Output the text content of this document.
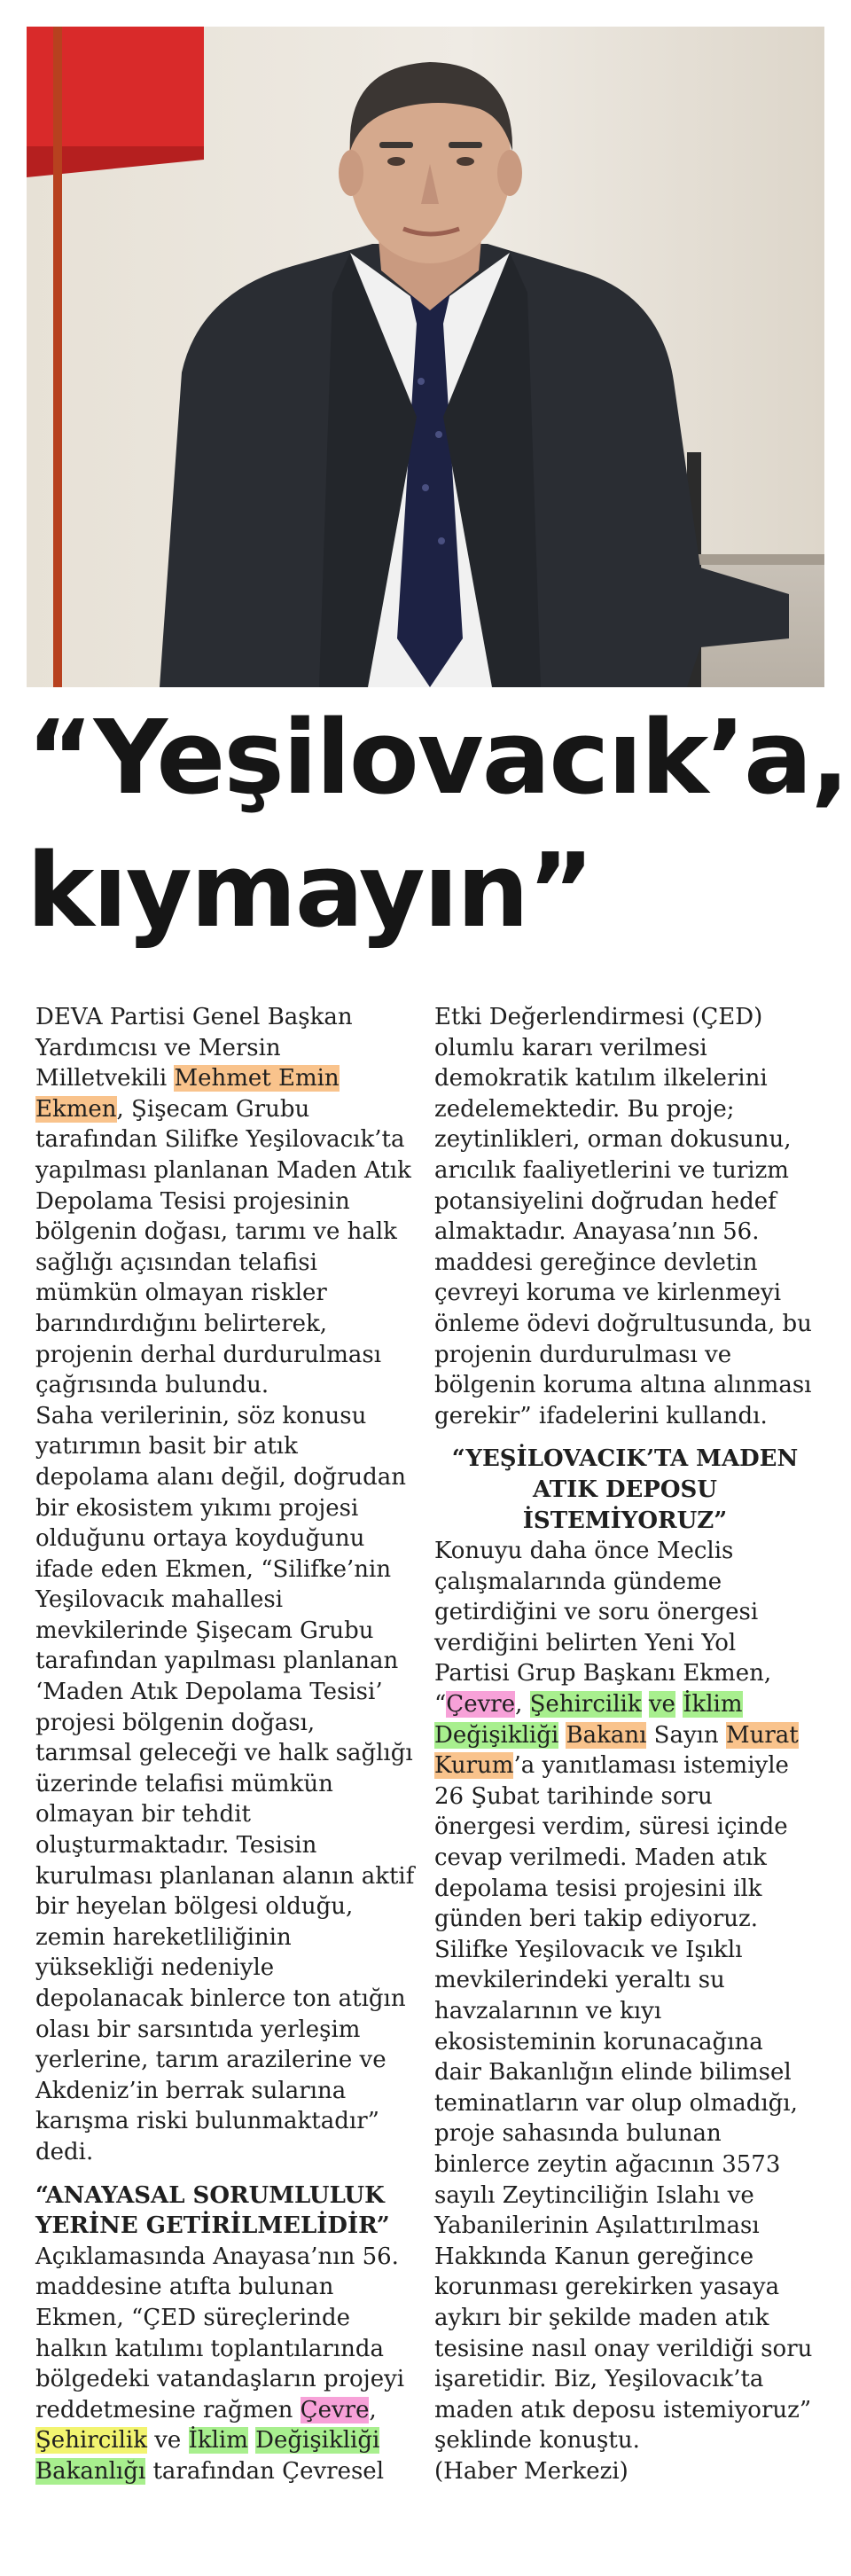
“Yeşilovacık’a,
kıymayın”

DEVA Partisi Genel Başkan Yardımcısı ve Mersin Milletvekili Mehmet Emin Ekmen, Şişecam Grubu tarafından Silifke Yeşilovacık’ta yapılması planlanan Maden Atık Depolama Tesisi projesinin bölgenin doğası, tarımı ve halk sağlığı açısından telafisi mümkün olmayan riskler barındırdığını belirterek, projenin derhal durdurulması çağrısında bulundu.

Saha verilerinin, söz konusu yatırımın basit bir atık depolama alanı değil, doğrudan bir ekosistem yıkımı projesi olduğunu ortaya koyduğunu ifade eden Ekmen, “Silifke’nin Yeşilovacık mahallesi mevkilerinde Şişecam Grubu tarafından yapılması planlanan ‘Maden Atık Depolama Tesisi’ projesi bölgenin doğası, tarımsal geleceği ve halk sağlığı üzerinde telafisi mümkün olmayan bir tehdit oluşturmaktadır. Tesisin kurulması planlanan alanın aktif bir heyelan bölgesi olduğu, zemin hareketliliğinin yüksekliği nedeniyle depolanacak binlerce ton atığın olası bir sarsıntıda yerleşim yerlerine, tarım arazilerine ve Akdeniz’in berrak sularına karışma riski bulunmaktadır” dedi.

“ANAYASAL SORUMLULUK YERİNE GETİRİLMELİDİR”

Açıklamasında Anayasa’nın 56. maddesine atıfta bulunan Ekmen, “ÇED süreçlerinde halkın katılımı toplantılarında bölgedeki vatandaşların projeyi reddetmesine rağmen Çevre, Şehircilik ve İklim Değişikliği Bakanlığı tarafından Çevresel

Etki Değerlendirmesi (ÇED) olumlu kararı verilmesi demokratik katılım ilkelerini zedelemektedir. Bu proje; zeytinlikleri, orman dokusunu, arıcılık faaliyetlerini ve turizm potansiyelini doğrudan hedef almaktadır. Anayasa’nın 56. maddesi gereğince devletin çevreyi koruma ve kirlenmeyi önleme ödevi doğrultusunda, bu projenin durdurulması ve bölgenin koruma altına alınması gerekir” ifadelerini kullandı.

“YEŞİLOVACIK’TA MADEN ATIK DEPOSU İSTEMİYORUZ”

Konuyu daha önce Meclis çalışmalarında gündeme getirdiğini ve soru önergesi verdiğini belirten Yeni Yol Partisi Grup Başkanı Ekmen, “Çevre, Şehircilik ve İklim Değişikliği Bakanı Sayın Murat Kurum’a yanıtlaması istemiyle 26 Şubat tarihinde soru önergesi verdim, süresi içinde cevap verilmedi. Maden atık depolama tesisi projesini ilk günden beri takip ediyoruz. Silifke Yeşilovacık ve Işıklı mevkilerindeki yeraltı su havzalarının ve kıyı ekosisteminin korunacağına dair Bakanlığın elinde bilimsel teminatların var olup olmadığı, proje sahasında bulunan binlerce zeytin ağacının 3573 sayılı Zeytinciliğin Islahı ve Yabanilerinin Aşılattırılması Hakkında Kanun gereğince korunması gerekirken yasaya aykırı bir şekilde maden atık tesisine nasıl onay verildiği soru işaretidir. Biz, Yeşilovacık’ta maden atık deposu istemiyoruz” şeklinde konuştu.

(Haber Merkezi)
